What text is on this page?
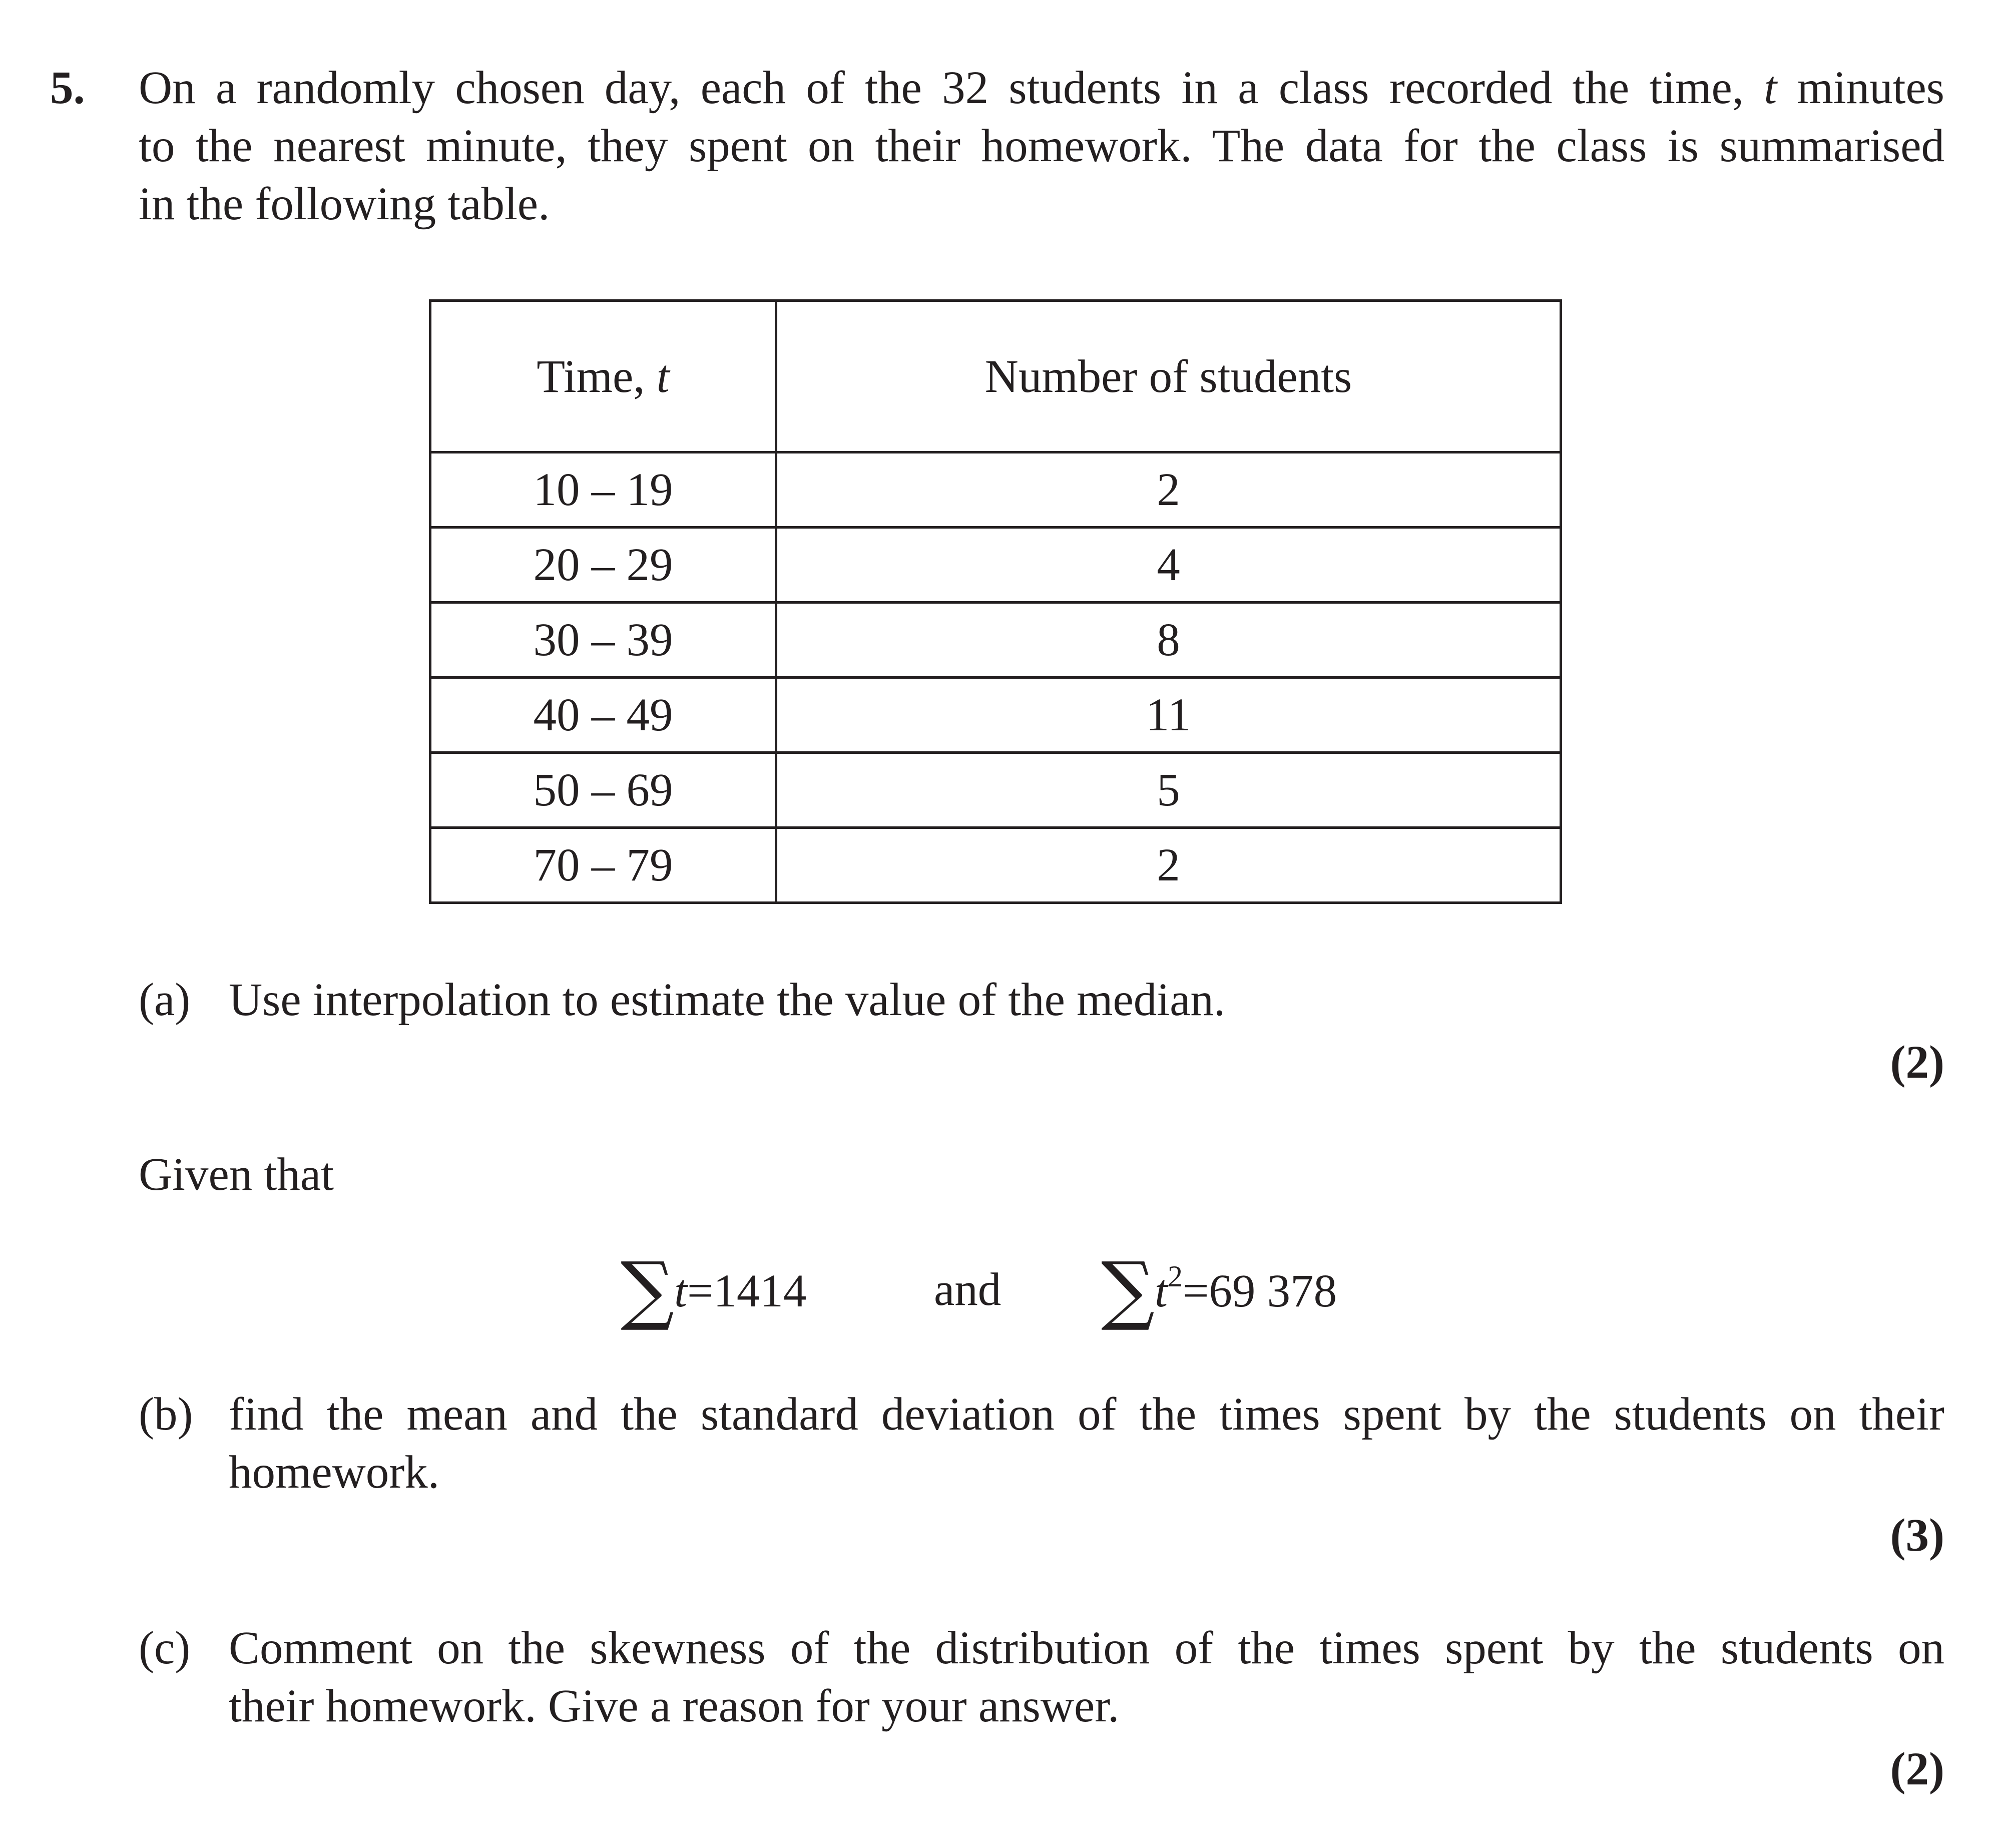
5. On a randomly chosen day, each of the 32 students in a class recorded the time, t minutes
to the nearest minute, they spent on their homework. The data for the class is summarised
in the following table.
Time, t	Number of students
10 – 19	2
20 – 29	4
30 – 39	8
40 – 49	11
50 – 69	5
70 – 79	2
(a) Use interpolation to estimate the value of the median.
(2)
Given that
∑t=1414	and $\sum t^2=69$ 378
(b) find the mean and the standard deviation of the times spent by the students on their
homework.
(3)
(c) Comment on the skewness of the distribution of the times spent by the students on
their homework. Give a reason for your answer.
(2)
